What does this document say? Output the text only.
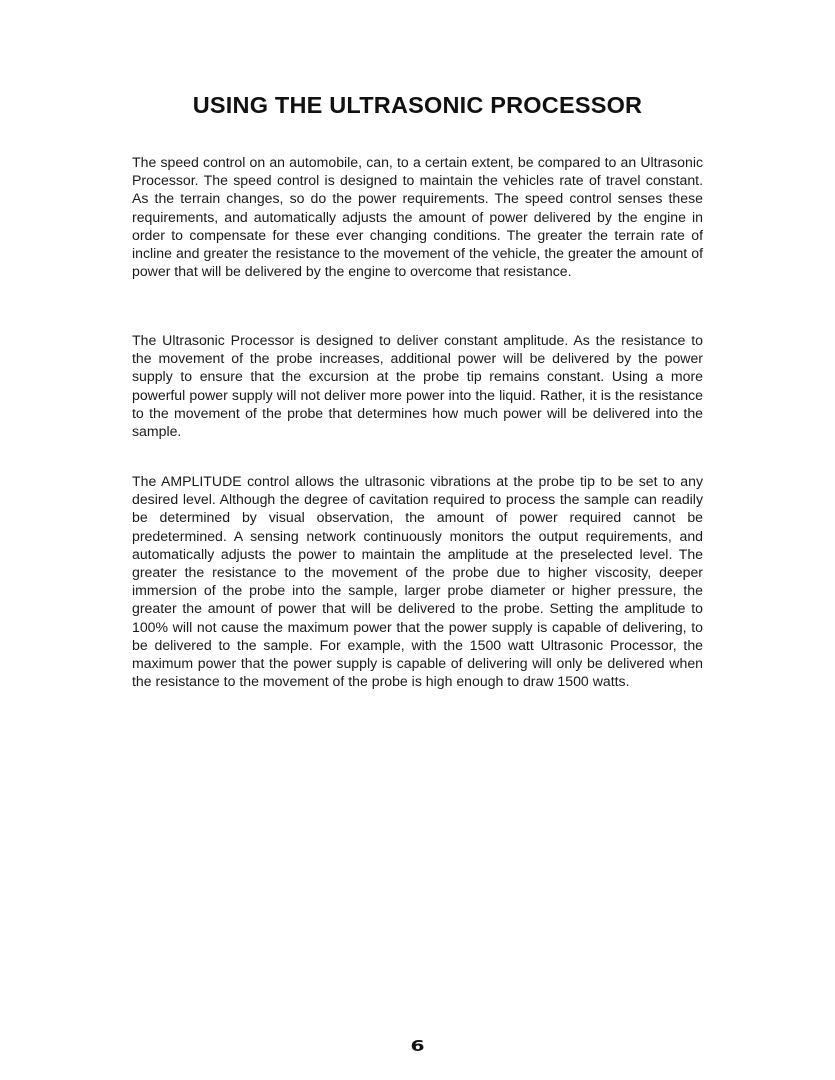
USING THE ULTRASONIC PROCESSOR

The speed control on an automobile, can, to a certain extent, be compared to an Ultrasonic Processor. The speed control is designed to maintain the vehicles rate of travel constant. As the terrain changes, so do the power requirements. The speed control senses these requirements, and automatically adjusts the amount of power delivered by the engine in order to compensate for these ever changing conditions. The greater the terrain rate of incline and greater the resistance to the movement of the vehicle, the greater the amount of power that will be delivered by the engine to overcome that resistance.

The Ultrasonic Processor is designed to deliver constant amplitude. As the resistance to the movement of the probe increases, additional power will be delivered by the power supply to ensure that the excursion at the probe tip remains constant. Using a more powerful power supply will not deliver more power into the liquid. Rather, it is the resistance to the movement of the probe that determines how much power will be delivered into the sample.

The AMPLITUDE control allows the ultrasonic vibrations at the probe tip to be set to any desired level. Although the degree of cavitation required to process the sample can readily be determined by visual observation, the amount of power required cannot be predetermined. A sensing network continuously monitors the output requirements, and automatically adjusts the power to maintain the amplitude at the preselected level. The greater the resistance to the movement of the probe due to higher viscosity, deeper immersion of the probe into the sample, larger probe diameter or higher pressure, the greater the amount of power that will be delivered to the probe. Setting the amplitude to 100% will not cause the maximum power that the power supply is capable of delivering, to be delivered to the sample. For example, with the 1500 watt Ultrasonic Processor, the maximum power that the power supply is capable of delivering will only be delivered when the resistance to the movement of the probe is high enough to draw 1500 watts.

6
